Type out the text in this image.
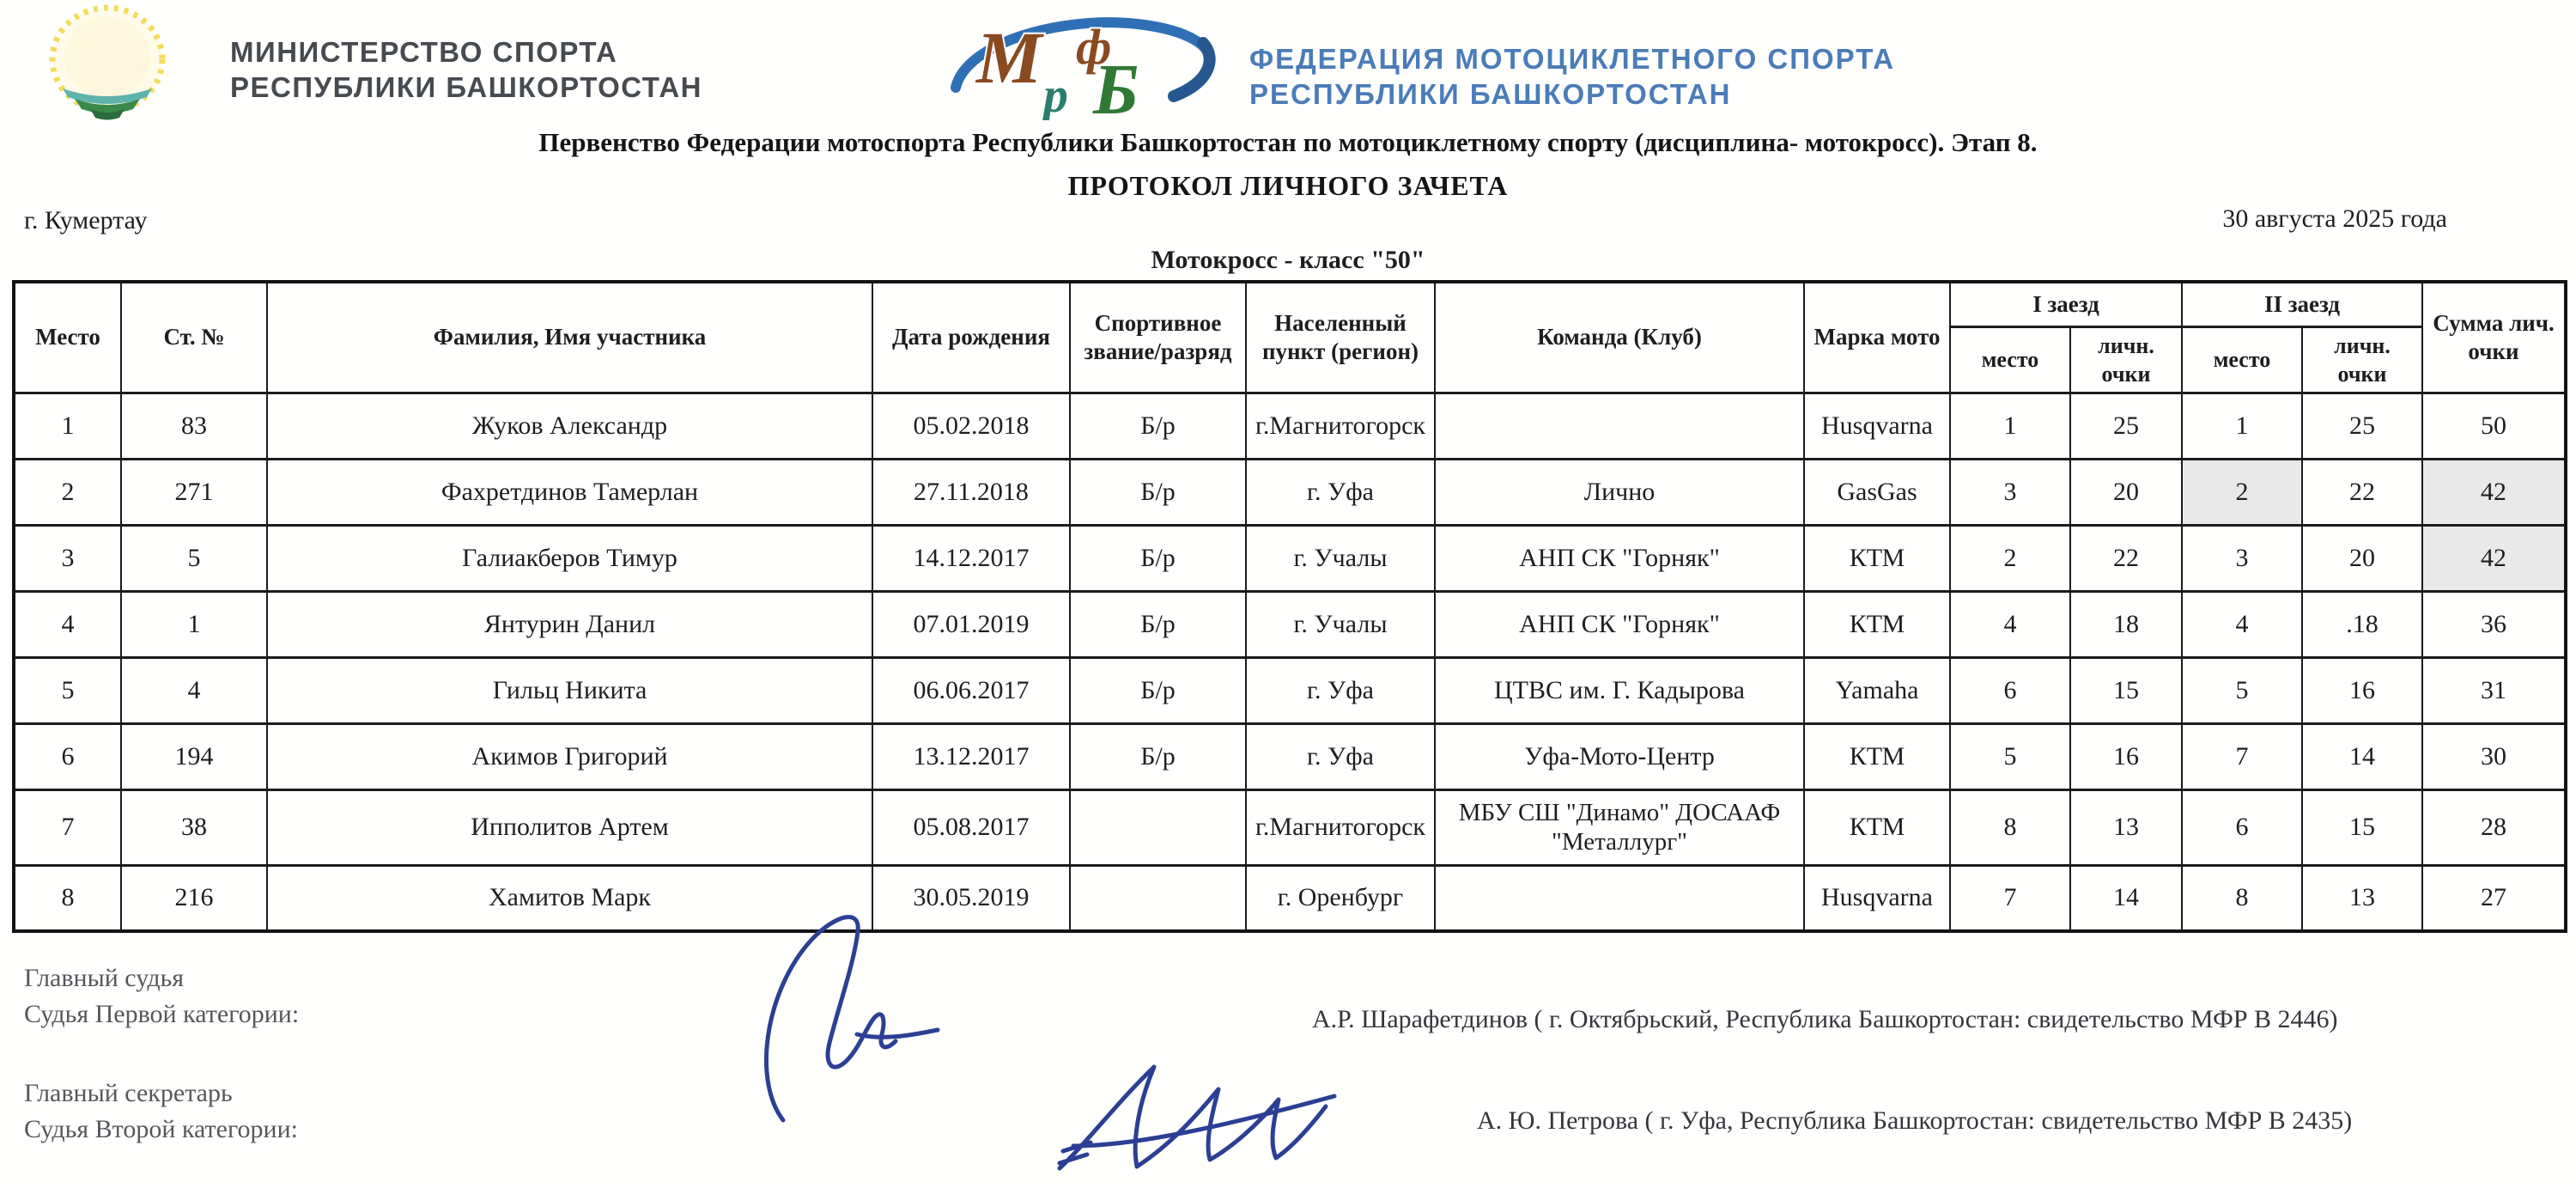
МИНИСТЕРСТВО СПОРТА
РЕСПУБЛИКИ БАШКОРТОСТАН	М ф
р Б	ФЕДЕРАЦИЯ МОТОЦИКЛЕТНОГО СПОРТА
РЕСПУБЛИКИ БАШКОРТОСТАН
Первенство Федерации мотоспорта Республики Башкортостан по мотоциклетному спорту (дисциплина- мотокросс). Этап 8.
ПРОТОКОЛ ЛИЧНОГО ЗАЧЕТА
г. Кумертау	30 августа 2025 года
Мотокросс - класс "50"
Место	Ст. №	Фамилия, Имя участника	Дата рождения	Спортивное звание/разряд	Населенный пункт (регион)	Команда (Клуб)	Марка мото	I заезд		II заезд		Сумма лич. очки
								место	личн. очки	место	личн. очки	
1	83	Жуков Александр	05.02.2018	Б/р	г.Магнитогорск		Husqvarna	1	25	1	25	50
2	271	Фахретдинов Тамерлан	27.11.2018	Б/р	г. Уфа	Лично	GasGas	3	20	2	22	42
3	5	Галиакберов Тимур	14.12.2017	Б/р	г. Учалы	АНП СК "Горняк"	КТМ	2	22	3	20	42
4	1	Янтурин Данил	07.01.2019	Б/р	г. Учалы	АНП СК "Горняк"	КТМ	4	18	4	.18	36
5	4	Гильц Никита	06.06.2017	Б/р	г. Уфа	ЦТВС им. Г. Кадырова	Yamaha	6	15	5	16	31
6	194	Акимов Григорий	13.12.2017	Б/р	г. Уфа	Уфа-Мото-Центр	КТМ	5	16	7	14	30
7	38	Ипполитов Артем	05.08.2017		г.Магнитогорск	МБУ СШ "Динамо" ДОСААФ "Металлург"	КТМ	8	13	6	15	28
8	216	Хамитов Марк	30.05.2019		г. Оренбург		Husqvarna	7	14	8	13	27
Главный судья
Судья Первой категории:	А.Р. Шарафетдинов ( г. Октябрьский, Республика Башкортостан: свидетельство МФР В 2446)
Главный секретарь
Судья Второй категории:	А. Ю. Петрова ( г. Уфа, Республика Башкортостан: свидетельство МФР В 2435)
